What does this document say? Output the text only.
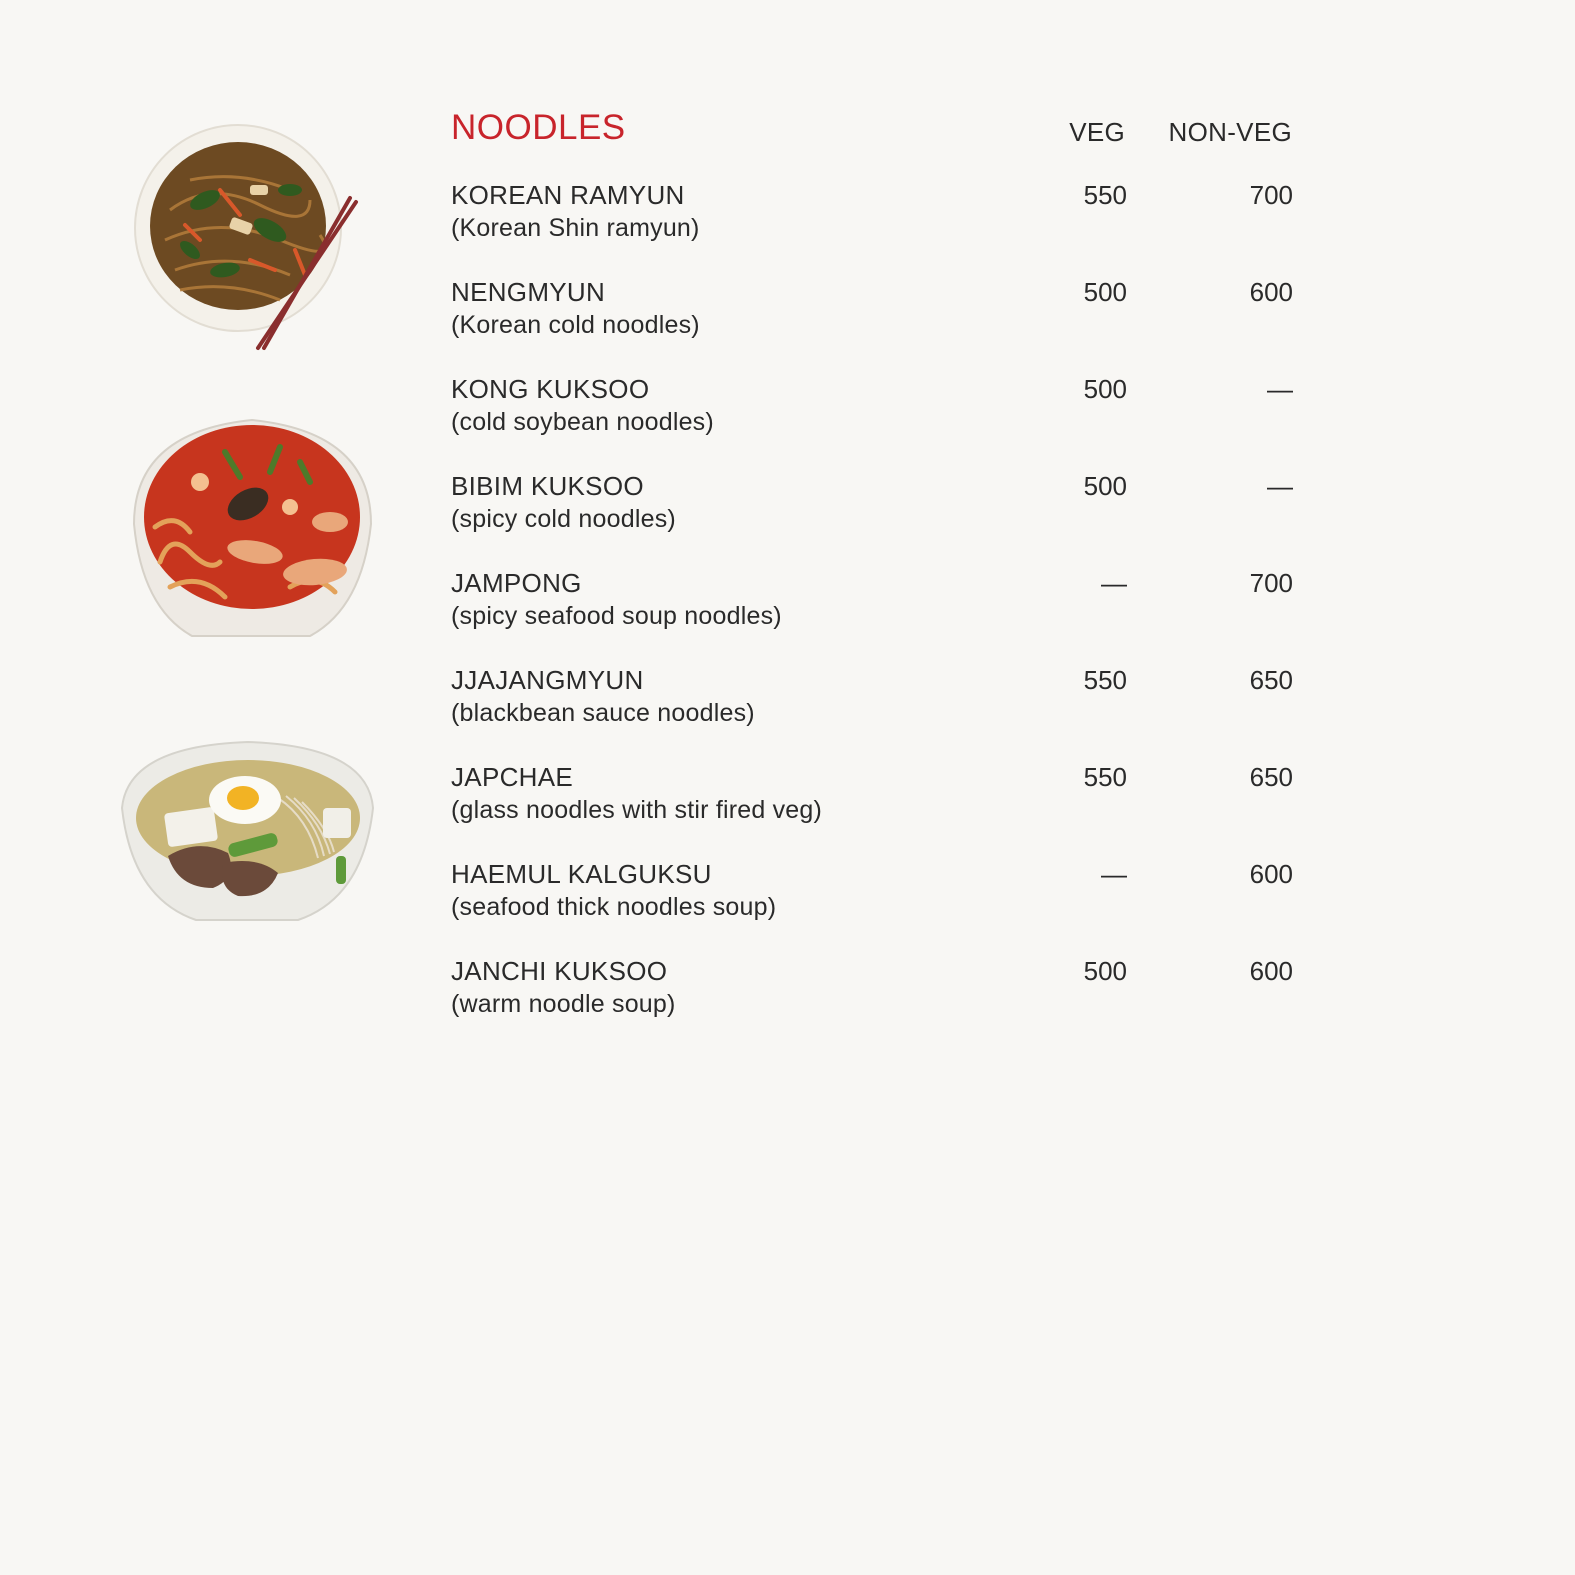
NOODLES	VEG NON-VEG
KOREAN RAMYUN
(Korean Shin ramyun)
550	700
NENGMYUN
(Korean cold noodles)
500	600
KONG KUKSOO
(cold soybean noodles)
500	—
BIBIM KUKSOO
(spicy cold noodles)
500	—
JAMPONG
(spicy seafood soup noodles)
—	700
JJAJANGMYUN
(blackbean sauce noodles)
550	650
JAPCHAE
(glass noodles with stir fired veg)
550	650
HAEMUL KALGUKSU
(seafood thick noodles soup)
—	600
JANCHI KUKSOO
(warm noodle soup)
500	600
